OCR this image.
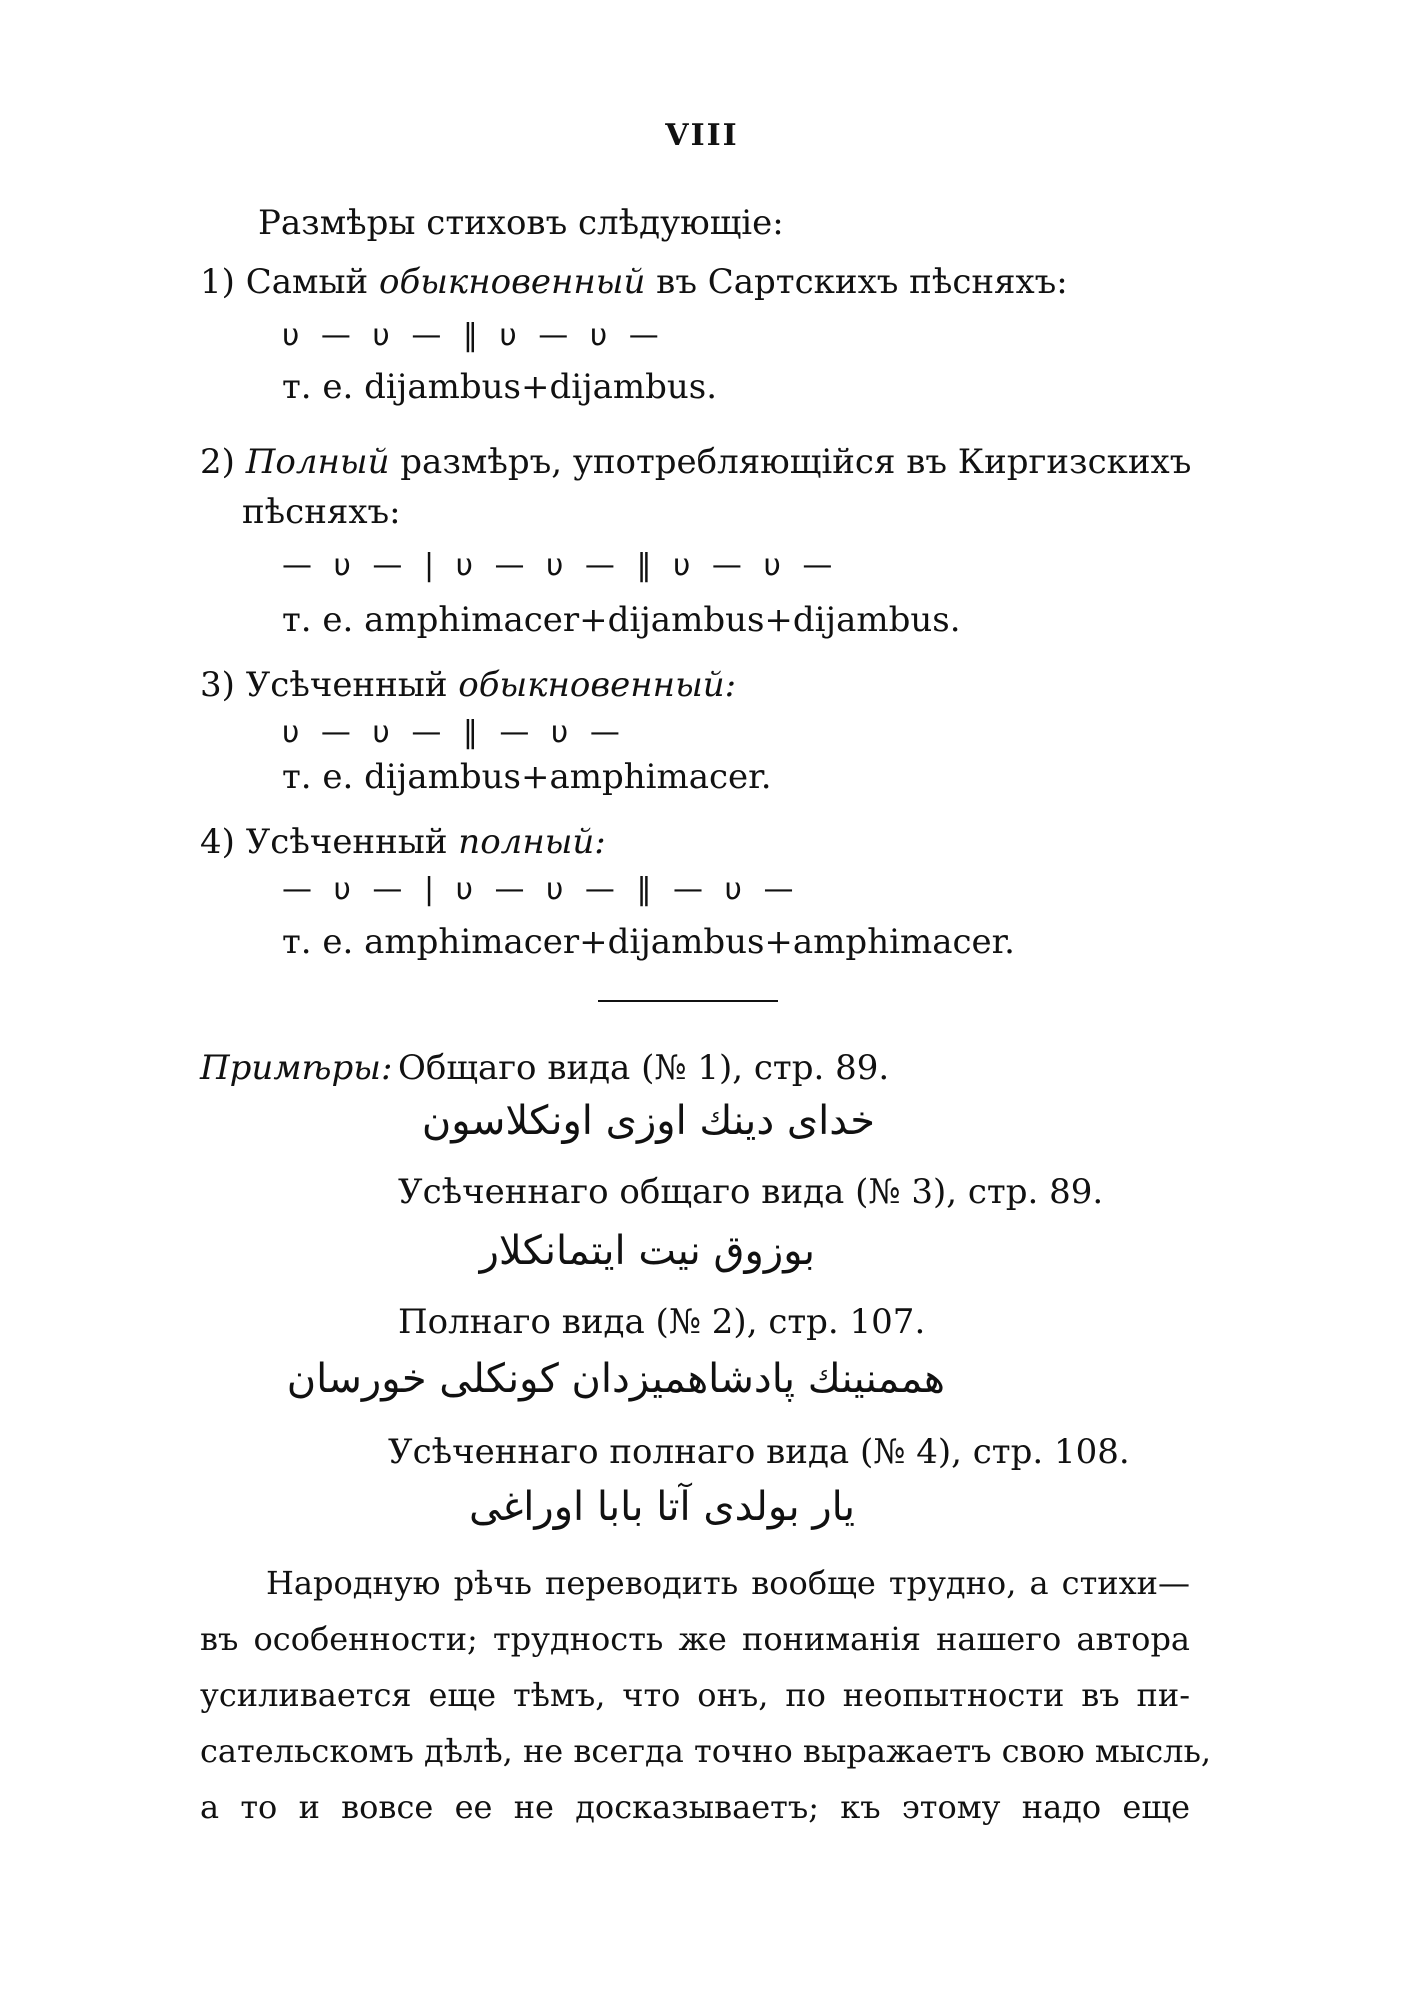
VIII
Размѣры стиховъ слѣдующіе:
1) Самый обыкновенный въ Сартскихъ пѣсняхъ:
υ — υ — ‖ υ — υ —
т. е. dijambus+dijambus.
2) Полный размѣръ, употребляющійся въ Киргизскихъ
пѣсняхъ:
— υ — | υ — υ — ‖ υ — υ —
т. е. amphimacer+dijambus+dijambus.
3) Усѣченный обыкновенный:
υ — υ — ‖ — υ —
т. е. dijambus+amphimacer.
4) Усѣченный полный:
— υ — | υ — υ — ‖ — υ —
т. е. amphimacer+dijambus+amphimacer.
Примѣры: Общаго вида (№ 1), стр. 89.
خدای دینك اوزی اونكلاسون
Усѣченнаго общаго вида (№ 3), стр. 89.
بوزوق نيت ایتمانكلار
Полнаго вида (№ 2), стр. 107.
هممنينك پادشاهمیزدان كونكلی خورسان
Усѣченнаго полнаго вида (№ 4), стр. 108.
يار بولدی آتا بابا اوراغی
Народную рѣчь переводить вообще трудно, а стихи—
въ особенности; трудность же пониманія нашего автора
усиливается еще тѣмъ, что онъ, по неопытности въ пи-
сательскомъ дѣлѣ, не всегда точно выражаетъ свою мысль,
а то и вовсе ее не досказываетъ; къ этому надо еще
